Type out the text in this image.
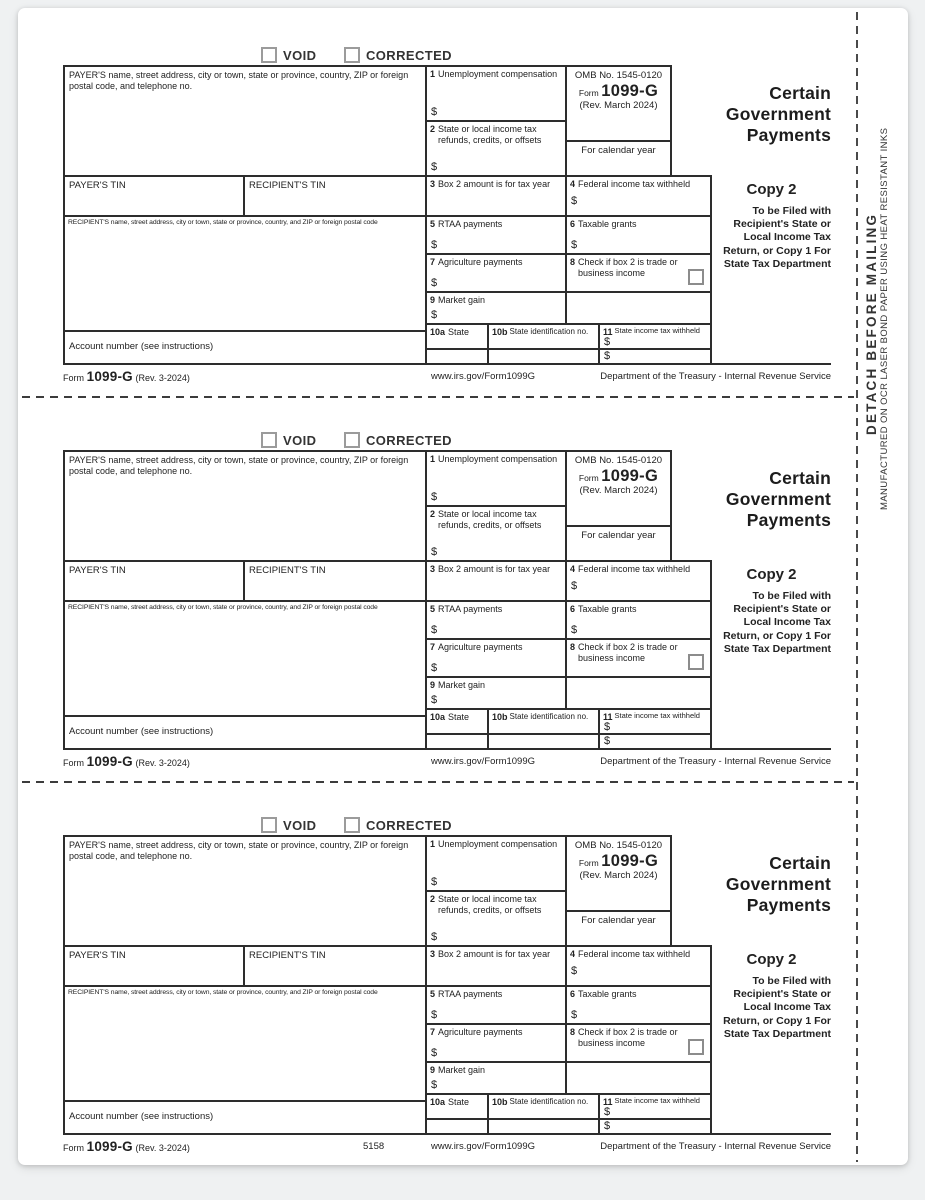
DETACH BEFORE MAILING MANUFACTURED ON OCR LASER BOND PAPER USING HEAT RESISTANT INKS
VOID	CORRECTED
PAYER'S name, street address, city or town, state or province, country, ZIP or foreign postal code, and telephone no.
PAYER'S TIN	RECIPIENT'S TIN
RECIPIENT'S name, street address, city or town, state or province, country, and ZIP or foreign postal code
Account number (see instructions)
1 Unemployment compensation
$
2 State or local income tax refunds, credits, or offsets
$
OMB No. 1545-0120
Form 1099-G
(Rev. March 2024)
For calendar year
Certain Government Payments
3 Box 2 amount is for tax year 4 Federal income tax withheld
$
5 RTAA payments
$
6 Taxable grants
$
7 Agriculture payments
$
8 Check if box 2 is trade or business income
9 Market gain
$
10a State	10b State identification no. 11 State income tax withheld
$
$
Copy 2
To be Filed with Recipient's State or Local Income Tax Return, or Copy 1 For State Tax Department
Form 1099-G (Rev. 3-2024)	www.irs.gov/Form1099G	Department of the Treasury - Internal Revenue Service
VOID	CORRECTED
PAYER'S name, street address, city or town, state or province, country, ZIP or foreign postal code, and telephone no.
PAYER'S TIN	RECIPIENT'S TIN
RECIPIENT'S name, street address, city or town, state or province, country, and ZIP or foreign postal code
Account number (see instructions)
1 Unemployment compensation
$
2 State or local income tax refunds, credits, or offsets
$
OMB No. 1545-0120
Form 1099-G
(Rev. March 2024)
For calendar year
Certain Government Payments
3 Box 2 amount is for tax year 4 Federal income tax withheld
$
5 RTAA payments
$
6 Taxable grants
$
7 Agriculture payments
$
8 Check if box 2 is trade or business income
9 Market gain
$
10a State	10b State identification no. 11 State income tax withheld
$
$
Copy 2
To be Filed with Recipient's State or Local Income Tax Return, or Copy 1 For State Tax Department
Form 1099-G (Rev. 3-2024)	www.irs.gov/Form1099G	Department of the Treasury - Internal Revenue Service
VOID	CORRECTED
PAYER'S name, street address, city or town, state or province, country, ZIP or foreign postal code, and telephone no.
PAYER'S TIN	RECIPIENT'S TIN
RECIPIENT'S name, street address, city or town, state or province, country, and ZIP or foreign postal code
Account number (see instructions)
1 Unemployment compensation
$
2 State or local income tax refunds, credits, or offsets
$
OMB No. 1545-0120
Form 1099-G
(Rev. March 2024)
For calendar year
Certain Government Payments
3 Box 2 amount is for tax year 4 Federal income tax withheld
$
5 RTAA payments
$
6 Taxable grants
$
7 Agriculture payments
$
8 Check if box 2 is trade or business income
9 Market gain
$
10a State	10b State identification no. 11 State income tax withheld
$
$
Copy 2
To be Filed with Recipient's State or Local Income Tax Return, or Copy 1 For State Tax Department
Form 1099-G (Rev. 3-2024)	5158	www.irs.gov/Form1099G	Department of the Treasury - Internal Revenue Service
